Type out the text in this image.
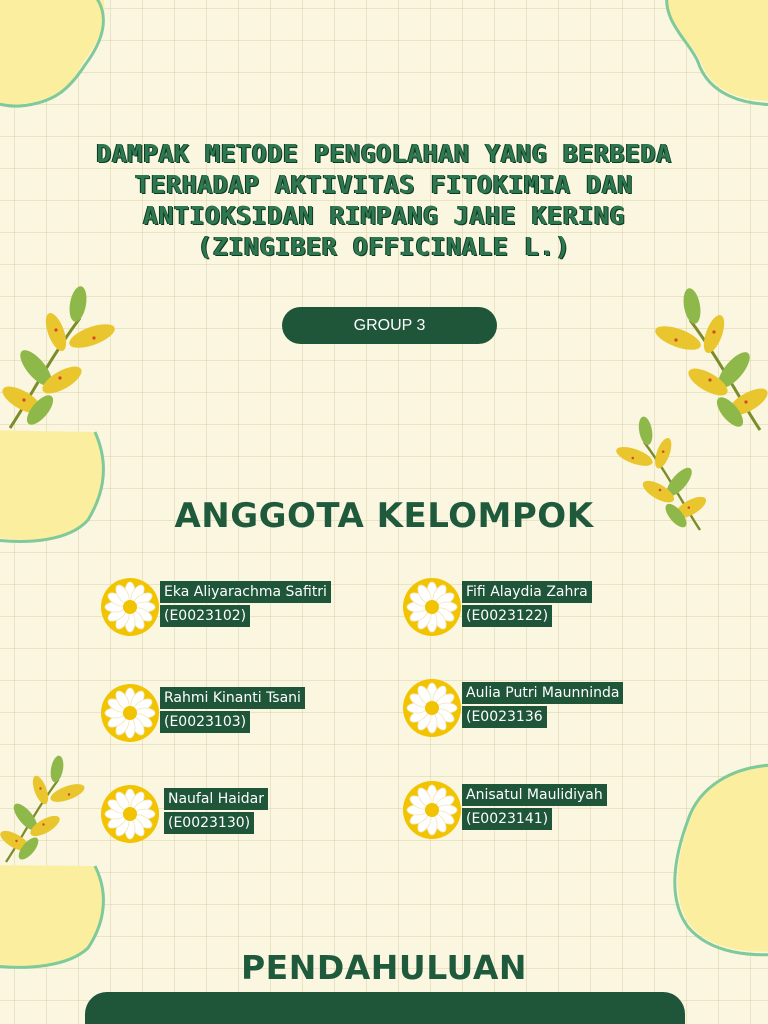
DAMPAK METODE PENGOLAHAN YANG BERBEDA TERHADAP AKTIVITAS FITOKIMIA DAN ANTIOKSIDAN RIMPANG JAHE KERING (ZINGIBER OFFICINALE L.)
GROUP 3
ANGGOTA KELOMPOK
Eka Aliyarachma Safitri
(E0023102)
Fifi Alaydia Zahra
(E0023122)
Rahmi Kinanti Tsani
(E0023103)
Aulia Putri Maunninda
(E0023136
Naufal Haidar
(E0023130)
Anisatul Maulidiyah
(E0023141)
PENDAHULUAN
